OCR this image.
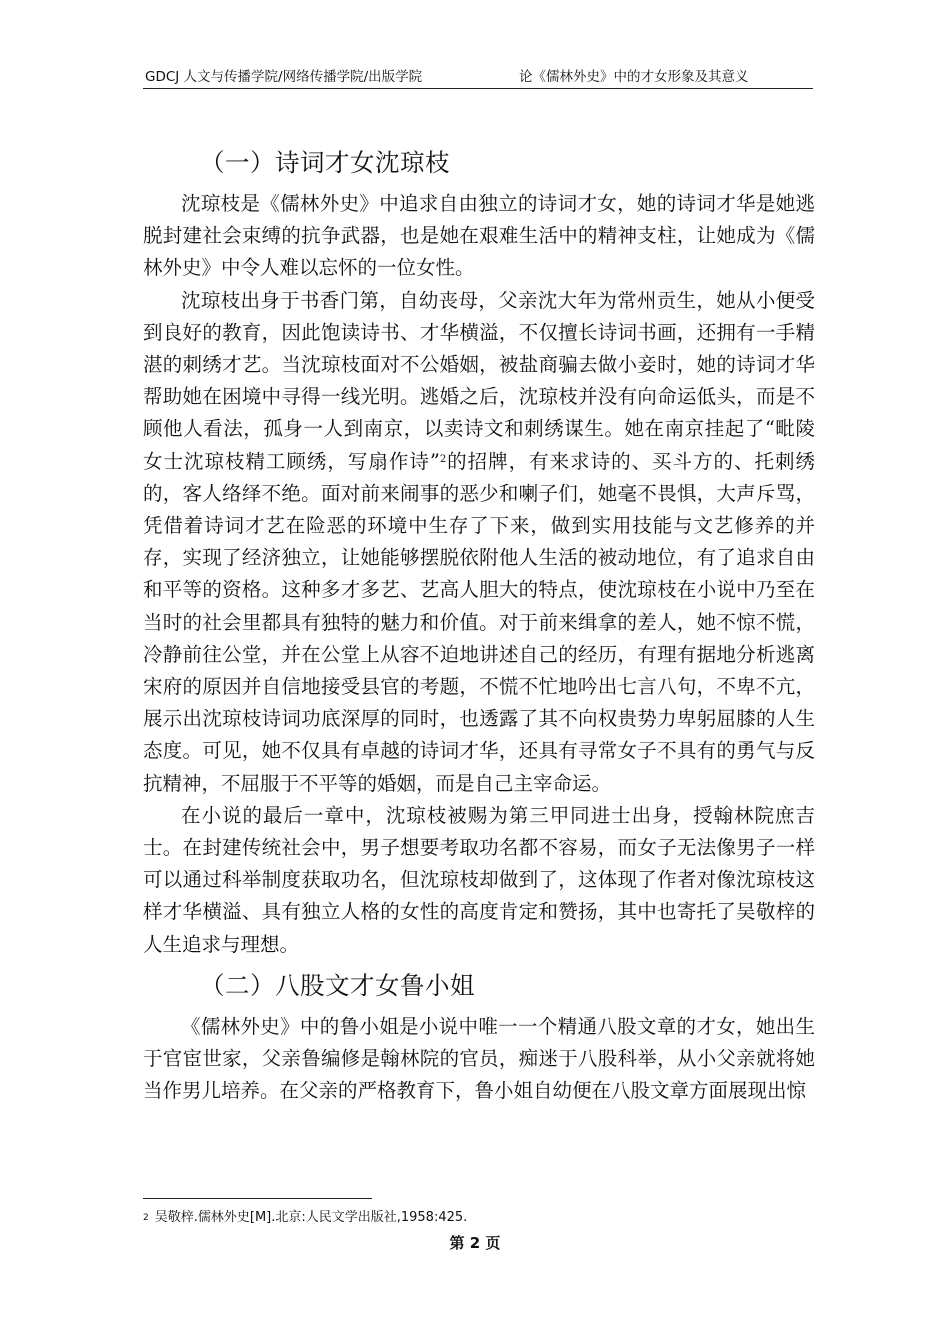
GDCJ 人文与传播学院/网络传播学院/出版学院	论《儒林外史》中的才女形象及其意义
（一）诗词才女沈琼枝

沈琼枝是《儒林外史》中追求自由独立的诗词才女，她的诗词才华是她逃脱封建社会束缚的抗争武器，也是她在艰难生活中的精神支柱，让她成为《儒林外史》中令人难以忘怀的一位女性。

沈琼枝出身于书香门第，自幼丧母，父亲沈大年为常州贡生，她从小便受到良好的教育，因此饱读诗书、才华横溢，不仅擅长诗词书画，还拥有一手精湛的刺绣才艺。当沈琼枝面对不公婚姻，被盐商骗去做小妾时，她的诗词才华帮助她在困境中寻得一线光明。逃婚之后，沈琼枝并没有向命运低头，而是不顾他人看法，孤身一人到南京，以卖诗文和刺绣谋生。她在南京挂起了“毗陵女士沈琼枝精工顾绣，写扇作诗”$^2$的招牌，有来求诗的、买斗方的、托刺绣的，客人络绎不绝。面对前来闹事的恶少和喇子们，她毫不畏惧，大声斥骂，凭借着诗词才艺在险恶的环境中生存了下来，做到实用技能与文艺修养的并存，实现了经济独立，让她能够摆脱依附他人生活的被动地位，有了追求自由和平等的资格。这种多才多艺、艺高人胆大的特点，使沈琼枝在小说中乃至在当时的社会里都具有独特的魅力和价值。对于前来缉拿的差人，她不惊不慌，冷静前往公堂，并在公堂上从容不迫地讲述自己的经历，有理有据地分析逃离宋府的原因并自信地接受县官的考题，不慌不忙地吟出七言八句，不卑不亢，展示出沈琼枝诗词功底深厚的同时，也透露了其不向权贵势力卑躬屈膝的人生态度。可见，她不仅具有卓越的诗词才华，还具有寻常女子不具有的勇气与反抗精神，不屈服于不平等的婚姻，而是自己主宰命运。

在小说的最后一章中，沈琼枝被赐为第三甲同进士出身，授翰林院庶吉士。在封建传统社会中，男子想要考取功名都不容易，而女子无法像男子一样可以通过科举制度获取功名，但沈琼枝却做到了，这体现了作者对像沈琼枝这样才华横溢、具有独立人格的女性的高度肯定和赞扬，其中也寄托了吴敬梓的人生追求与理想。

（二）八股文才女鲁小姐

《儒林外史》中的鲁小姐是小说中唯一一个精通八股文章的才女，她出生于官宦世家，父亲鲁编修是翰林院的官员，痴迷于八股科举，从小父亲就将她当作男儿培养。在父亲的严格教育下，鲁小姐自幼便在八股文章方面展现出惊

$^2$ 吴敬梓.儒林外史[M].北京:人民文学出版社,1958:425.
第 2 页
